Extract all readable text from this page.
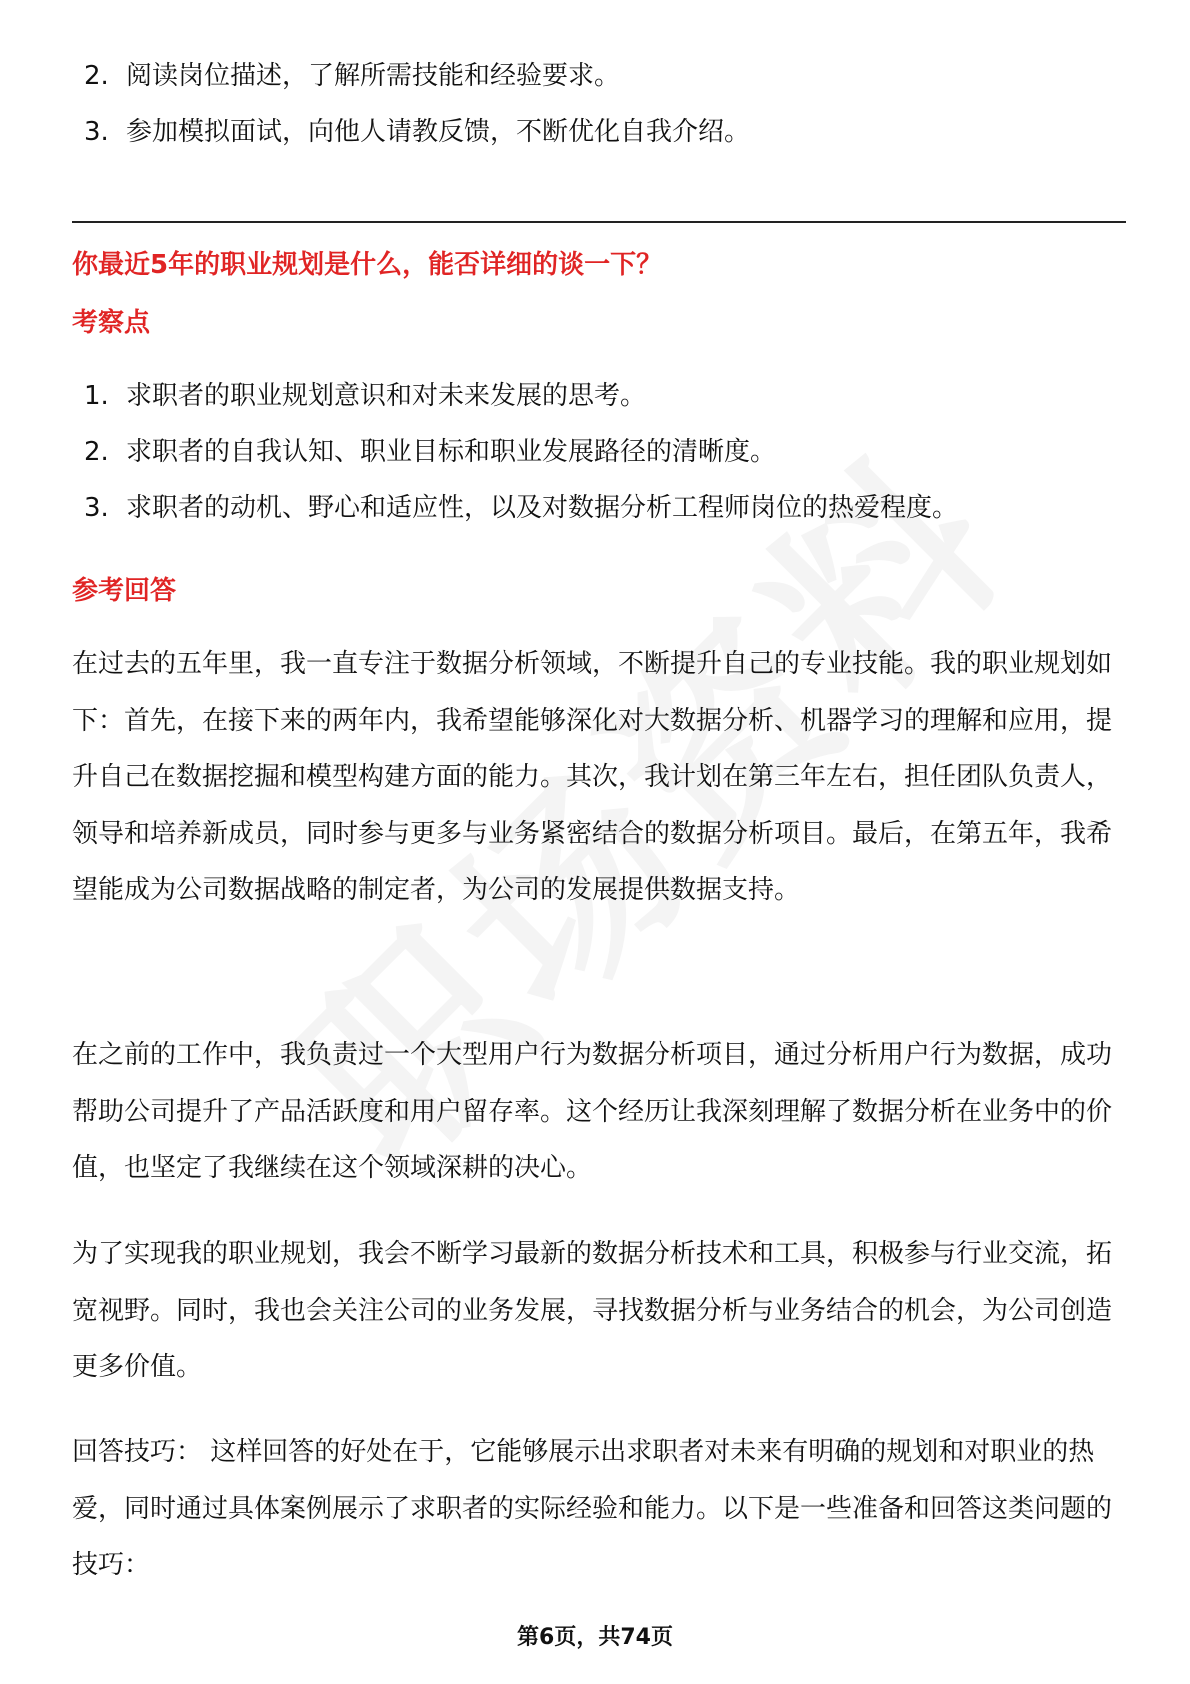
2. 阅读岗位描述，了解所需技能和经验要求。
3. 参加模拟面试，向他人请教反馈，不断优化自我介绍。
你最近5年的职业规划是什么，能否详细的谈一下？
考察点
1. 求职者的职业规划意识和对未来发展的思考。
2. 求职者的自我认知、职业目标和职业发展路径的清晰度。
3. 求职者的动机、野心和适应性，以及对数据分析工程师岗位的热爱程度。
参考回答

在过去的五年里，我一直专注于数据分析领域，不断提升自己的专业技能。我的职业规划如下：首先，在接下来的两年内，我希望能够深化对大数据分析、机器学习的理解和应用，提升自己在数据挖掘和模型构建方面的能力。其次，我计划在第三年左右，担任团队负责人，领导和培养新成员，同时参与更多与业务紧密结合的数据分析项目。最后，在第五年，我希望能成为公司数据战略的制定者，为公司的发展提供数据支持。

在之前的工作中，我负责过一个大型用户行为数据分析项目，通过分析用户行为数据，成功帮助公司提升了产品活跃度和用户留存率。这个经历让我深刻理解了数据分析在业务中的价值，也坚定了我继续在这个领域深耕的决心。

为了实现我的职业规划，我会不断学习最新的数据分析技术和工具，积极参与行业交流，拓宽视野。同时，我也会关注公司的业务发展，寻找数据分析与业务结合的机会，为公司创造更多价值。

回答技巧： 这样回答的好处在于，它能够展示出求职者对未来有明确的规划和对职业的热爱，同时通过具体案例展示了求职者的实际经验和能力。以下是一些准备和回答这类问题的技巧：

第6页，共74页
